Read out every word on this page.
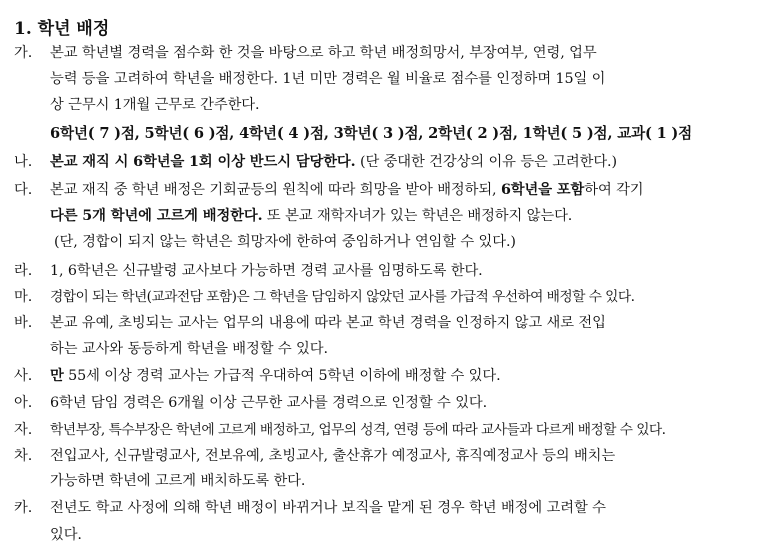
1. 학년 배정
가. 본교 학년별 경력을 점수화 한 것을 바탕으로 하고 학년 배정희망서, 부장여부, 연령, 업무
능력 등을 고려하여 학년을 배정한다. 1년 미만 경력은 월 비율로 점수를 인정하며 15일 이
상 근무시 1개월 근무로 간주한다.
6학년( 7 )점, 5학년( 6 )점, 4학년( 4 )점, 3학년( 3 )점, 2학년( 2 )점, 1학년( 5 )점, 교과( 1 )점
나. 본교 재직 시 6학년을 1회 이상 반드시 담당한다. (단 중대한 건강상의 이유 등은 고려한다.)
다. 본교 재직 중 학년 배정은 기회균등의 원칙에 따라 희망을 받아 배정하되, 6학년을 포함하여 각기
다른 5개 학년에 고르게 배정한다. 또 본교 재학자녀가 있는 학년은 배정하지 않는다.
(단, 경합이 되지 않는 학년은 희망자에 한하여 중임하거나 연임할 수 있다.)
라. 1, 6학년은 신규발령 교사보다 가능하면 경력 교사를 임명하도록 한다.
마. 경합이 되는 학년(교과전담 포함)은 그 학년을 담임하지 않았던 교사를 가급적 우선하여 배정할 수 있다.
바. 본교 유예, 초빙되는 교사는 업무의 내용에 따라 본교 학년 경력을 인정하지 않고 새로 전입
하는 교사와 동등하게 학년을 배정할 수 있다.
사. 만 55세 이상 경력 교사는 가급적 우대하여 5학년 이하에 배정할 수 있다.
아. 6학년 담임 경력은 6개월 이상 근무한 교사를 경력으로 인정할 수 있다.
자. 학년부장, 특수부장은 학년에 고르게 배정하고, 업무의 성격, 연령 등에 따라 교사들과 다르게 배정할 수 있다.
차. 전입교사, 신규발령교사, 전보유예, 초빙교사, 출산휴가 예정교사, 휴직예정교사 등의 배치는
가능하면 학년에 고르게 배치하도록 한다.
카. 전년도 학교 사정에 의해 학년 배정이 바뀌거나 보직을 맡게 된 경우 학년 배정에 고려할 수
있다.
